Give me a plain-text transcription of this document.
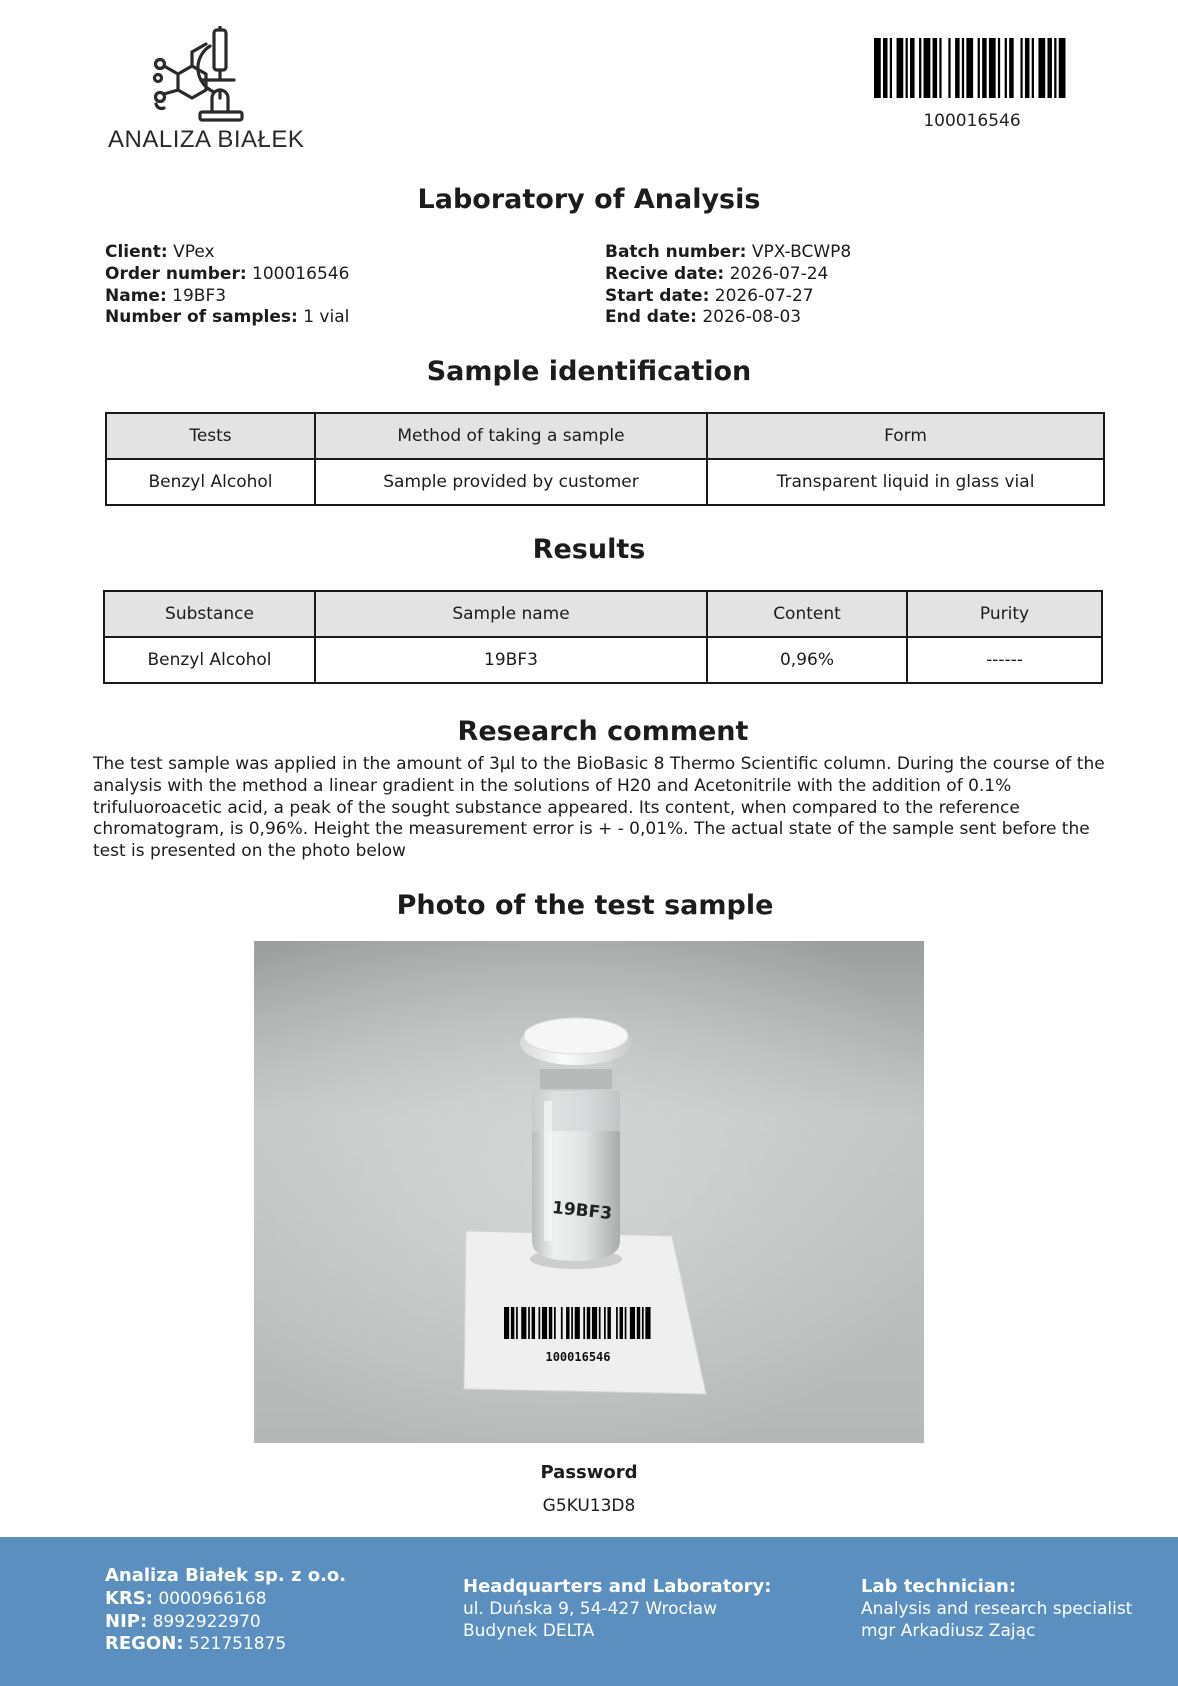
ANALIZA BIAŁEK
100016546
Laboratory of Analysis
Client: VPex
Order number: 100016546
Name: 19BF3
Number of samples: 1 vial
Batch number: VPX-BCWP8
Recive date: 2026-07-24
Start date: 2026-07-27
End date: 2026-08-03
Sample identification
Tests	Method of taking a sample	Form
Benzyl Alcohol	Sample provided by customer	Transparent liquid in glass vial
Results
Substance	Sample name	Content	Purity
Benzyl Alcohol	19BF3	0,96%	------
Research comment

The test sample was applied in the amount of 3µl to the BioBasic 8 Thermo Scientific column. During the course of the analysis with the method a linear gradient in the solutions of H20 and Acetonitrile with the addition of 0.1% trifuluoroacetic acid, a peak of the sought substance appeared. Its content, when compared to the reference chromatogram, is 0,96%. Height the measurement error is + - 0,01%. The actual state of the sample sent before the test is presented on the photo below

Photo of the test sample
100016546
19BF3
Password
G5KU13D8
Analiza Białek sp. z o.o.
KRS: 0000966168
NIP: 8992922970
REGON: 521751875
Headquarters and Laboratory:
ul. Duńska 9, 54-427 Wrocław
Budynek DELTA
Lab technician:
Analysis and research specialist
mgr Arkadiusz Zając
